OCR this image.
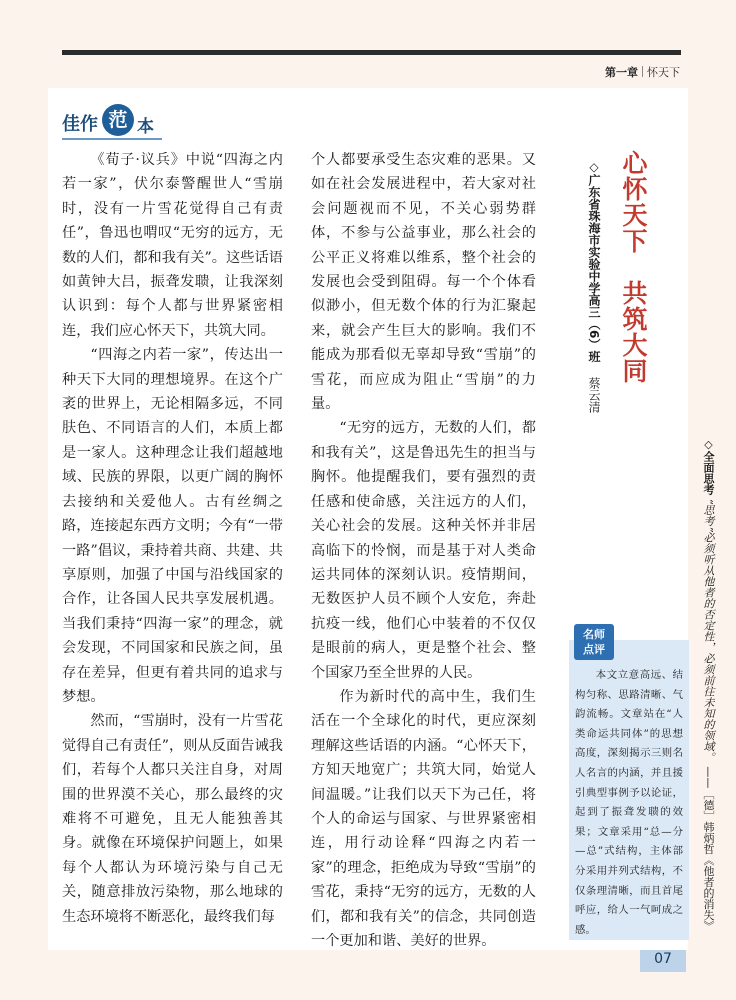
第一章 怀天下
佳作 范 本

《荀子·议兵》中说“四海之内若一家”，伏尔泰警醒世人“雪崩时，没有一片雪花觉得自己有责任”，鲁迅也喟叹“无穷的远方，无数的人们，都和我有关”。这些话语如黄钟大吕，振聋发聩，让我深刻认识到：每个人都与世界紧密相连，我们应心怀天下，共筑大同。

“四海之内若一家”，传达出一种天下大同的理想境界。在这个广袤的世界上，无论相隔多远，不同肤色、不同语言的人们，本质上都是一家人。这种理念让我们超越地域、民族的界限，以更广阔的胸怀去接纳和关爱他人。古有丝绸之路，连接起东西方文明；今有“一带一路”倡议，秉持着共商、共建、共享原则，加强了中国与沿线国家的合作，让各国人民共享发展机遇。当我们秉持“四海一家”的理念，就会发现，不同国家和民族之间，虽存在差异，但更有着共同的追求与梦想。

然而，“雪崩时，没有一片雪花觉得自己有责任”，则从反面告诫我们，若每个人都只关注自身，对周围的世界漠不关心，那么最终的灾难将不可避免，且无人能独善其身。就像在环境保护问题上，如果每个人都认为环境污染与自己无关，随意排放污染物，那么地球的生态环境将不断恶化，最终我们每

个人都要承受生态灾难的恶果。又如在社会发展进程中，若大家对社会问题视而不见，不关心弱势群体，不参与公益事业，那么社会的公平正义将难以维系，整个社会的发展也会受到阻碍。每一个个体看似渺小，但无数个体的行为汇聚起来，就会产生巨大的影响。我们不能成为那看似无辜却导致“雪崩”的雪花，而应成为阻止“雪崩”的力量。

“无穷的远方，无数的人们，都和我有关”，这是鲁迅先生的担当与胸怀。他提醒我们，要有强烈的责任感和使命感，关注远方的人们，关心社会的发展。这种关怀并非居高临下的怜悯，而是基于对人类命运共同体的深刻认识。疫情期间，无数医护人员不顾个人安危，奔赴抗疫一线，他们心中装着的不仅仅是眼前的病人，更是整个社会、整个国家乃至全世界的人民。

作为新时代的高中生，我们生活在一个全球化的时代，更应深刻理解这些话语的内涵。“心怀天下，方知天地宽广；共筑大同，始觉人间温暖。”让我们以天下为己任，将个人的命运与国家、与世界紧密相连，用行动诠释“四海之内若一家”的理念，拒绝成为导致“雪崩”的雪花，秉持“无穷的远方，无数的人们，都和我有关”的信念，共同创造一个更加和谐、美好的世界。

心怀天下　共筑大同
◇广东省珠海市实验中学高三（6）班 蔡云清
◇全面思考 “思考”必须听从他者的否定性，必须前往未知的领域。 ——［德］韩炳哲《他者的消失》
名师
点评

本文立意高远、结构匀称、思路清晰、气韵流畅。文章站在“人类命运共同体”的思想高度，深刻揭示三则名人名言的内涵，并且援引典型事例予以论证，起到了振聋发聩的效果；文章采用“总—分—总”式结构，主体部分采用并列式结构，不仅条理清晰，而且首尾呼应，给人一气呵成之感。

07
